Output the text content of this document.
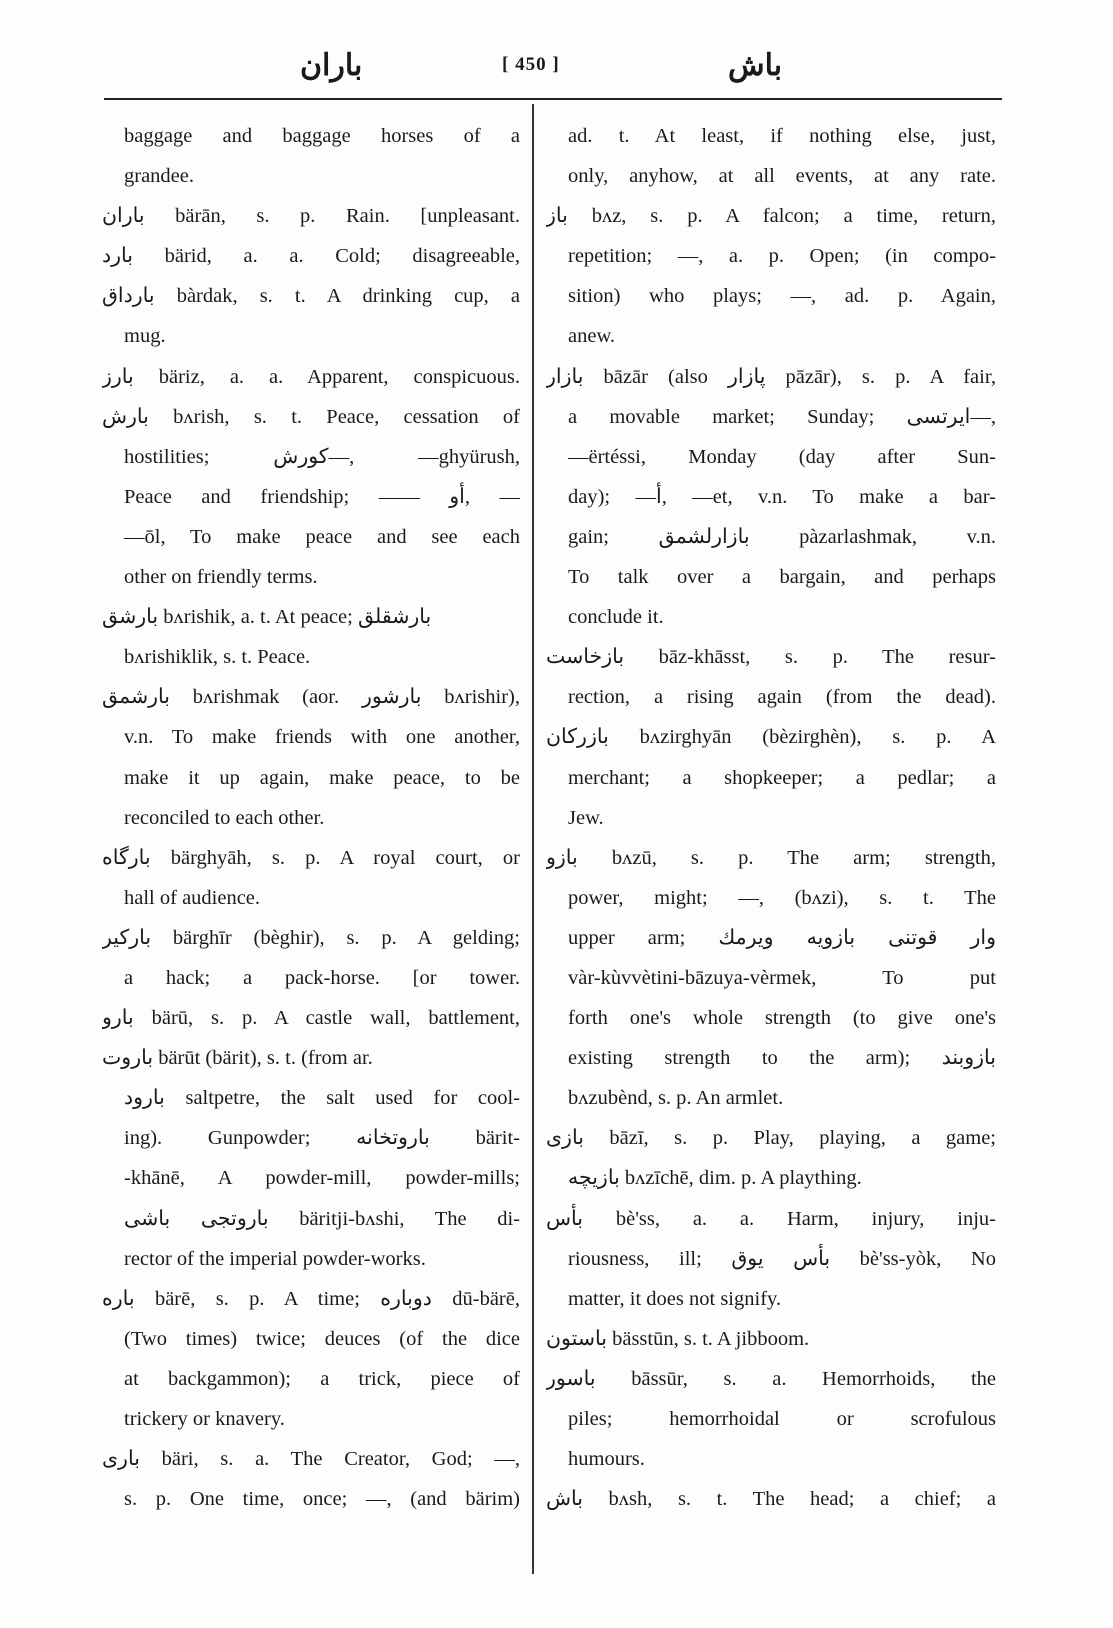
باران	[ 450 ]	باش
baggage and baggage horses of a
grandee.
باران bärān, s. p. Rain. [unpleasant.
بارد bärid, a. a. Cold; disagreeable,
بارداق bàrdak, s. t. A drinking cup, a
mug.
بارز bäriz, a. a. Apparent, conspicuous.
بارش bʌrish, s. t. Peace, cessation of
hostilities; كورش—, —ghyürush,
Peace and friendship; —— أو, —
—ōl, To make peace and see each
other on friendly terms.
بارشق bʌrishik, a. t. At peace; بارشقلق
bʌrishiklik, s. t. Peace.
بارشمق bʌrishmak (aor. بارشور bʌrishir),
v.n. To make friends with one another,
make it up again, make peace, to be
reconciled to each other.
بارگاه bärghyāh, s. p. A royal court, or
hall of audience.
باركير bärghīr (bèghir), s. p. A gelding;
a hack; a pack-horse. [or tower.
بارو bärū, s. p. A castle wall, battlement,
باروت bärūt (bärit), s. t. (from ar.
بارود saltpetre, the salt used for cool-
ing). Gunpowder; باروتخانه bärit-
-khānē, A powder-mill, powder-mills;
باروتجى باشى bäritji-bʌshi, The di-
rector of the imperial powder-works.
باره bärē, s. p. A time; دوباره dū-bärē,
(Two times) twice; deuces (of the dice
at backgammon); a trick, piece of
trickery or knavery.
بارى bäri, s. a. The Creator, God; —,
s. p. One time, once; —, (and bärim)
ad. t. At least, if nothing else, just,
only, anyhow, at all events, at any rate.
باز bʌz, s. p. A falcon; a time, return,
repetition; —, a. p. Open; (in compo-
sition) who plays; —, ad. p. Again,
anew.
بازار bāzār (also پازار pāzār), s. p. A fair,
a movable market; Sunday; ايرتسى—,
—ërtéssi, Monday (day after Sun-
day); —أ, —et, v.n. To make a bar-
gain; بازارلشمق pàzarlashmak, v.n.
To talk over a bargain, and perhaps
conclude it.
بازخاست bāz-khāsst, s. p. The resur-
rection, a rising again (from the dead).
بازركان bʌzirghyān (bèzirghèn), s. p. A
merchant; a shopkeeper; a pedlar; a
Jew.
بازو bʌzū, s. p. The arm; strength,
power, might; —, (bʌzi), s. t. The
upper arm; وار قوتنى بازويه ويرمك
vàr-kùvvètini-bāzuya-vèrmek, To put
forth one's whole strength (to give one's
existing strength to the arm); بازوبند
bʌzubènd, s. p. An armlet.
بازى bāzī, s. p. Play, playing, a game;
بازيچه bʌzīchē, dim. p. A plaything.
بأس bè'ss, a. a. Harm, injury, inju-
riousness, ill; بأس يوق bè'ss-yòk, No
matter, it does not signify.
باستون bässtūn, s. t. A jibboom.
باسور bāssūr, s. a. Hemorrhoids, the
piles; hemorrhoidal or scrofulous
humours.
باش bʌsh, s. t. The head; a chief; a
